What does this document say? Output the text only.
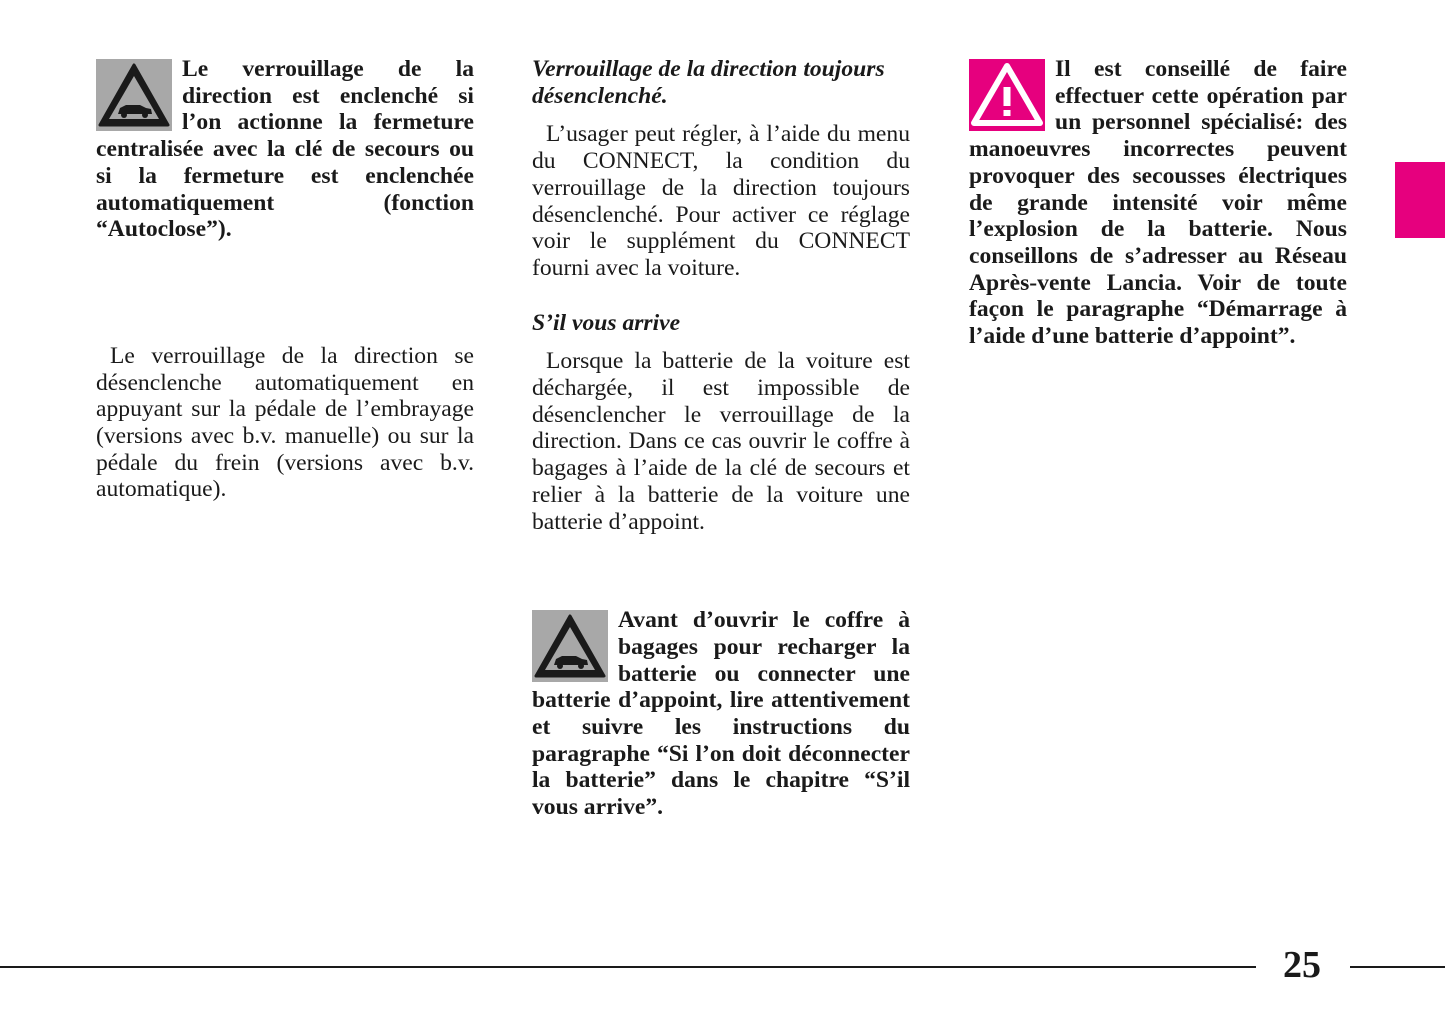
Le verrouillage de la direction est enclenché si l’on actionne la fermeture centralisée avec la clé de secours ou si la fermeture est enclenchée automatiquement (fonction “Autoclose”).

Le verrouillage de la direction se désenclenche automatiquement en appuyant sur la pédale de l’embrayage (versions avec b.v. manuelle) ou sur la pédale du frein (versions avec b.v. automatique).

Verrouillage de la direction toujours désenclenché.

L’usager peut régler, à l’aide du menu du CONNECT, la condition du verrouillage de la direction toujours désenclenché. Pour activer ce réglage voir le supplément du CONNECT fourni avec la voiture.

S’il vous arrive

Lorsque la batterie de la voiture est déchargée, il est impossible de désenclencher le verrouillage de la direction. Dans ce cas ouvrir le coffre à bagages à l’aide de la clé de secours et relier à la batterie de la voiture une batterie d’appoint.

Avant d’ouvrir le coffre à bagages pour recharger la batterie ou connecter une batterie d’appoint, lire attentivement et suivre les instructions du paragraphe “Si l’on doit déconnecter la batterie” dans le chapitre “S’il vous arrive”.

Il est conseillé de faire effectuer cette opération par un personnel spécialisé: des manoeuvres incorrectes peuvent provoquer des secousses électriques de grande intensité voir même l’explosion de la batterie. Nous conseillons de s’adresser au Réseau Après-vente Lancia. Voir de toute façon le paragraphe “Démarrage à l’aide d’une batterie d’appoint”.

25
